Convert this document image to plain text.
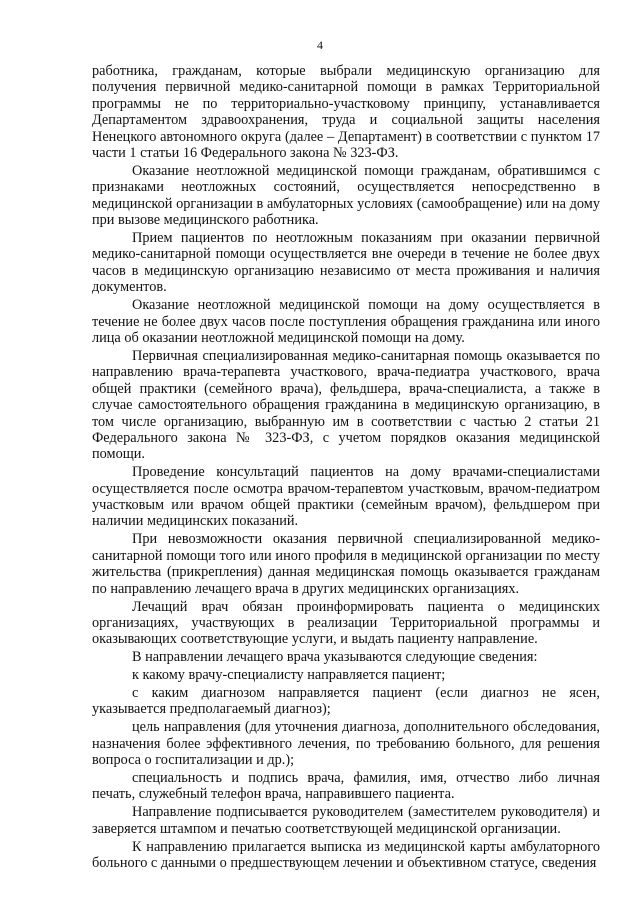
4

работника, гражданам, которые выбрали медицинскую организацию для получения первичной медико-санитарной помощи в рамках Территориальной программы не по территориально-участковому принципу, устанавливается Департаментом здравоохранения, труда и социальной защиты населения Ненецкого автономного округа (далее – Департамент) в соответствии с пунктом 17 части 1 статьи 16 Федерального закона № 323-ФЗ.

Оказание неотложной медицинской помощи гражданам, обратившимся с признаками неотложных состояний, осуществляется непосредственно в медицинской организации в амбулаторных условиях (самообращение) или на дому при вызове медицинского работника.

Прием пациентов по неотложным показаниям при оказании первичной медико-санитарной помощи осуществляется вне очереди в течение не более двух часов в медицинскую организацию независимо от места проживания и наличия документов.

Оказание неотложной медицинской помощи на дому осуществляется в течение не более двух часов после поступления обращения гражданина или иного лица об оказании неотложной медицинской помощи на дому.

Первичная специализированная медико-санитарная помощь оказывается по направлению врача-терапевта участкового, врача-педиатра участкового, врача общей практики (семейного врача), фельдшера, врача-специалиста, а также в случае самостоятельного обращения гражданина в медицинскую организацию, в том числе организацию, выбранную им в соответствии с частью 2 статьи 21 Федерального закона № 323-ФЗ, с учетом порядков оказания медицинской помощи.

Проведение консультаций пациентов на дому врачами-специалистами осуществляется после осмотра врачом-терапевтом участковым, врачом-педиатром участковым или врачом общей практики (семейным врачом), фельдшером при наличии медицинских показаний.

При невозможности оказания первичной специализированной медико-санитарной помощи того или иного профиля в медицинской организации по месту жительства (прикрепления) данная медицинская помощь оказывается гражданам по направлению лечащего врача в других медицинских организациях.

Лечащий врач обязан проинформировать пациента о медицинских организациях, участвующих в реализации Территориальной программы и оказывающих соответствующие услуги, и выдать пациенту направление.

В направлении лечащего врача указываются следующие сведения:

к какому врачу-специалисту направляется пациент;

с каким диагнозом направляется пациент (если диагноз не ясен, указывается предполагаемый диагноз);

цель направления (для уточнения диагноза, дополнительного обследования, назначения более эффективного лечения, по требованию больного, для решения вопроса о госпитализации и др.);

специальность и подпись врача, фамилия, имя, отчество либо личная печать, служебный телефон врача, направившего пациента.

Направление подписывается руководителем (заместителем руководителя) и заверяется штампом и печатью соответствующей медицинской организации.

К направлению прилагается выписка из медицинской карты амбулаторного больного с данными о предшествующем лечении и объективном статусе, сведения
